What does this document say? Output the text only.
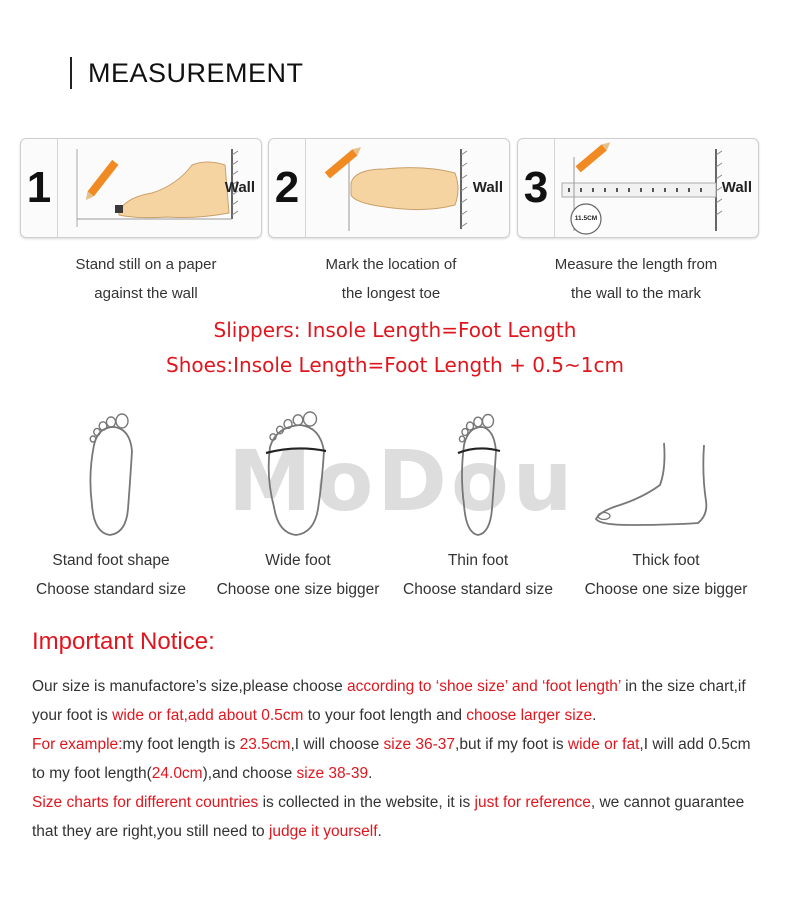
MEASUREMENT
1	Wall 2	Wall 3
11.5CM
Wall
Stand still on a paper
against the wall
Mark the location of
the longest toe
Measure the length from
the wall to the mark
Slippers: Insole Length=Foot Length
Shoes:Insole Length=Foot Length + 0.5~1cm
MoDou
Stand foot shape
Choose standard size
Wide foot
Choose one size bigger
Thin foot
Choose standard size
Thick foot
Choose one size bigger
Important Notice:
Our size is manufactore’s size,please choose according to ‘shoe size’ and ‘foot length’ in the size chart,if your foot is wide or fat,add about 0.5cm to your foot length and choose larger size.
For example:my foot length is 23.5cm,I will choose size 36-37,but if my foot is wide or fat,I will add 0.5cm to my foot length(24.0cm),and choose size 38-39.
Size charts for different countries is collected in the website, it is just for reference, we cannot guarantee that they are right,you still need to judge it yourself.
